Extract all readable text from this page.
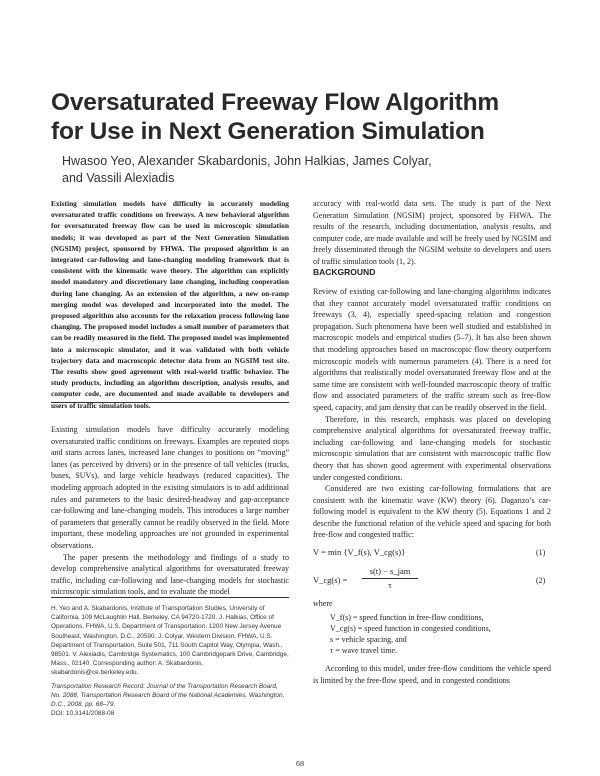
Oversaturated Freeway Flow Algorithm
for Use in Next Generation Simulation
Hwasoo Yeo, Alexander Skabardonis, John Halkias, James Colyar,
and Vassili Alexiadis
Existing simulation models have difficulty in accurately modeling oversaturated traffic conditions on freeways. A new behavioral algorithm for oversaturated freeway flow can be used in microscopic simulation models; it was developed as part of the Next Generation Simulation (NGSIM) project, sponsored by FHWA. The proposed algorithm is an integrated car-following and lane-changing modeling framework that is consistent with the kinematic wave theory. The algorithm can explicitly model mandatory and discretionary lane changing, including cooperation during lane changing. As an extension of the algorithm, a new on-ramp merging model was developed and incorporated into the model. The proposed algorithm also accounts for the relaxation process following lane changing. The proposed model includes a small number of parameters that can be readily measured in the field. The proposed model was implemented into a microscopic simulator, and it was validated with both vehicle trajectory data and macroscopic detector data from an NGSIM test site. The results show good agreement with real-world traffic behavior. The study products, including an algorithm description, analysis results, and computer code, are documented and made available to developers and users of traffic simulation tools.

Existing simulation models have difficulty accurately modeling oversaturated traffic conditions on freeways. Examples are repeated stops and starts across lanes, increased lane changes to positions on “moving” lanes (as perceived by drivers) or in the presence of tall vehicles (trucks, buses, SUVs), and large vehicle headways (reduced capacities). The modeling approach adopted in the existing simulators is to add additional rules and parameters to the basic desired-headway and gap-acceptance car-following and lane-changing models. This introduces a large number of parameters that generally cannot be readily observed in the field. More important, these modeling approaches are not grounded in experimental observations.

The paper presents the methodology and findings of a study to develop comprehensive analytical algorithms for oversaturated freeway traffic, including car-following and lane-changing models for stochastic microscopic simulation tools, and to evaluate the model

H. Yeo and A. Skabardonis, Institute of Transportation Studies, University of California, 109 McLaughlin Hall, Berkeley, CA 94720-1720. J. Halkias, Office of Operations, FHWA, U.S. Department of Transportation, 1200 New Jersey Avenue Southeast, Washington, D.C., 20590. J. Colyar, Western Division, FHWA, U.S. Department of Transportation, Suite 501, 711 South Capitol Way, Olympia, Wash., 98501. V. Alexiadis, Cambridge Systematics, 100 Cambridgepark Drive, Cambridge, Mass., 02140. Corresponding author: A. Skabardonis, skabardonis@ce.berkeley.edu.

Transportation Research Record: Journal of the Transportation Research Board, No. 2088, Transportation Research Board of the National Academies, Washington, D.C., 2008, pp. 68–79.

DOI: 10.3141/2088-08

accuracy with real-world data sets. The study is part of the Next Generation Simulation (NGSIM) project, sponsored by FHWA. The results of the research, including documentation, analysis results, and computer code, are made available and will be freely used by NGSIM and freely disseminated through the NGSIM website to developers and users of traffic simulation tools (1, 2).
BACKGROUND

Review of existing car-following and lane-changing algorithms indicates that they cannot accurately model oversaturated traffic conditions on freeways (3, 4), especially speed-spacing relation and congestion propagation. Such phenomena have been well studied and established in macroscopic models and empirical studies (5–7). It has also been shown that modeling approaches based on macroscopic flow theory outperform microscopic models with numerous parameters (4). There is a need for algorithms that realistically model oversaturated freeway flow and at the same time are consistent with well-founded macroscopic theory of traffic flow and associated parameters of the traffic stream such as free-flow speed, capacity, and jam density that can be readily observed in the field.

Therefore, in this research, emphasis was placed on developing comprehensive analytical algorithms for oversaturated freeway traffic, including car-following and lane-changing models for stochastic microscopic simulation that are consistent with macroscopic traffic flow theory that has shown good agreement with experimental observations under congested conditions.

Considered are two existing car-following formulations that are consistent with the kinematic wave (KW) theory (6). Daganzo’s car-following model is equivalent to the KW theory (5). Equations 1 and 2 describe the functional relation of the vehicle speed and spacing for both free-flow and congested traffic:

V = min {V_f(s), V_cg(s)}	(1)
V_cg(s) =
s(t) − s_jam
τ	(2)
where
V_f(s) = speed function in free-flow conditions,
V_cg(s) = speed function in congested conditions,
s = vehicle spacing, and
τ = wave travel time.
According to this model, under free-flow conditions the vehicle speed is limited by the free-flow speed, and in congested conditions
68
